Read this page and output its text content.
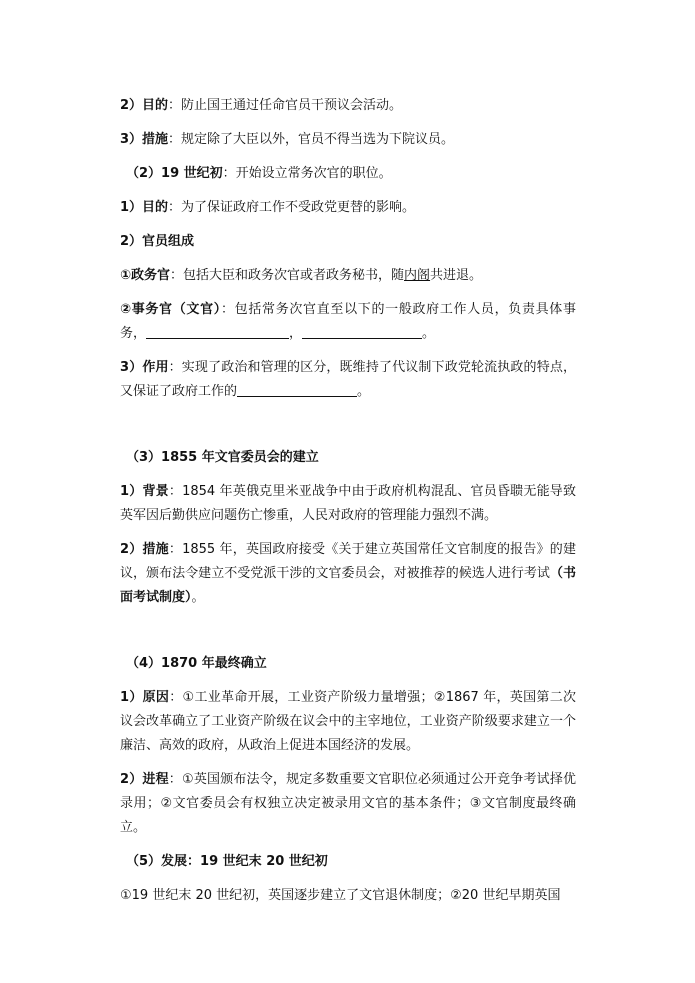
2）目的：防止国王通过任命官员干预议会活动。

3）措施：规定除了大臣以外，官员不得当选为下院议员。

（2）19 世纪初：开始设立常务次官的职位。

1）目的：为了保证政府工作不受政党更替的影响。

2）官员组成

①政务官：包括大臣和政务次官或者政务秘书，随内阁共进退。

②事务官（文官）：包括常务次官直至以下的一般政府工作人员，负责具体事务，	，	。

3）作用：实现了政治和管理的区分，既维持了代议制下政党轮流执政的特点，又保证了政府工作的	。

（3）1855 年文官委员会的建立

1）背景：1854 年英俄克里米亚战争中由于政府机构混乱、官员昏聩无能导致英军因后勤供应问题伤亡惨重，人民对政府的管理能力强烈不满。

2）措施：1855 年，英国政府接受《关于建立英国常任文官制度的报告》的建议，颁布法令建立不受党派干涉的文官委员会，对被推荐的候选人进行考试（书面考试制度）。

（4）1870 年最终确立

1）原因：①工业革命开展，工业资产阶级力量增强；②1867 年，英国第二次议会改革确立了工业资产阶级在议会中的主宰地位，工业资产阶级要求建立一个廉洁、高效的政府，从政治上促进本国经济的发展。

2）进程：①英国颁布法令，规定多数重要文官职位必须通过公开竞争考试择优录用；②文官委员会有权独立决定被录用文官的基本条件；③文官制度最终确立。

（5）发展：19 世纪末 20 世纪初

①19 世纪末 20 世纪初，英国逐步建立了文官退休制度；②20 世纪早期英国
